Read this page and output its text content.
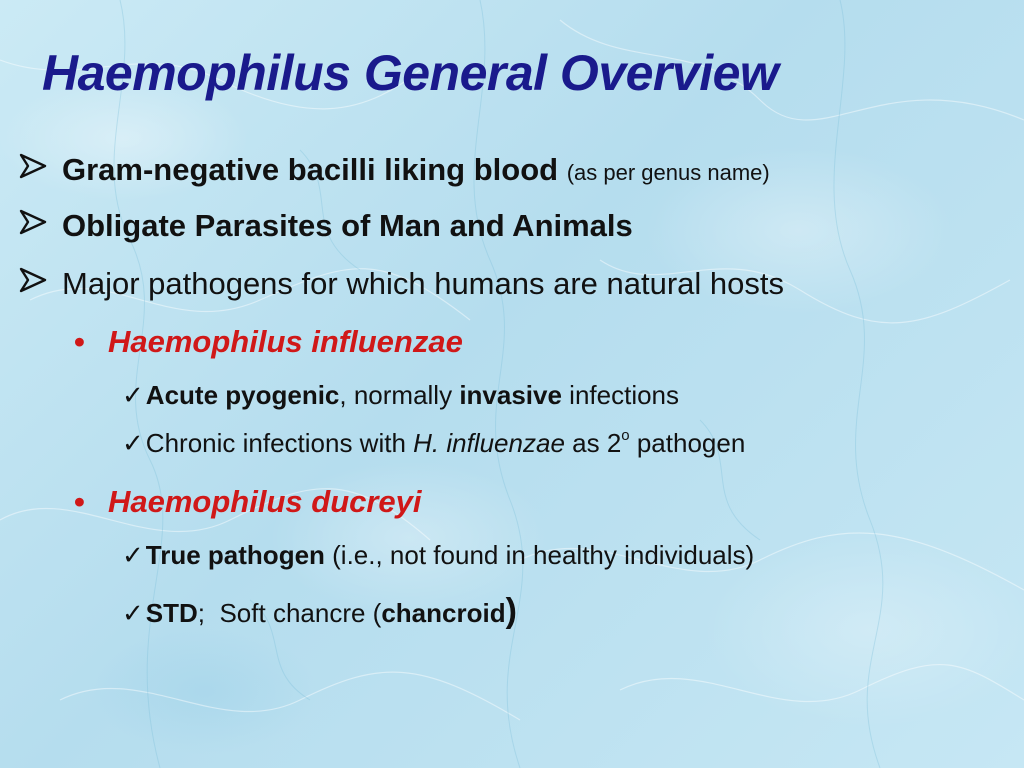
Haemophilus General Overview
Gram-negative bacilli liking blood (as per genus name)
Obligate Parasites of Man and Animals
Major pathogens for which humans are natural hosts
• Haemophilus influenzae
✓Acute pyogenic, normally invasive infections
✓Chronic infections with H. influenzae as 2$^o$ pathogen
• Haemophilus ducreyi
✓True pathogen (i.e., not found in healthy individuals)
✓STD;  Soft chancre (chancroid)
